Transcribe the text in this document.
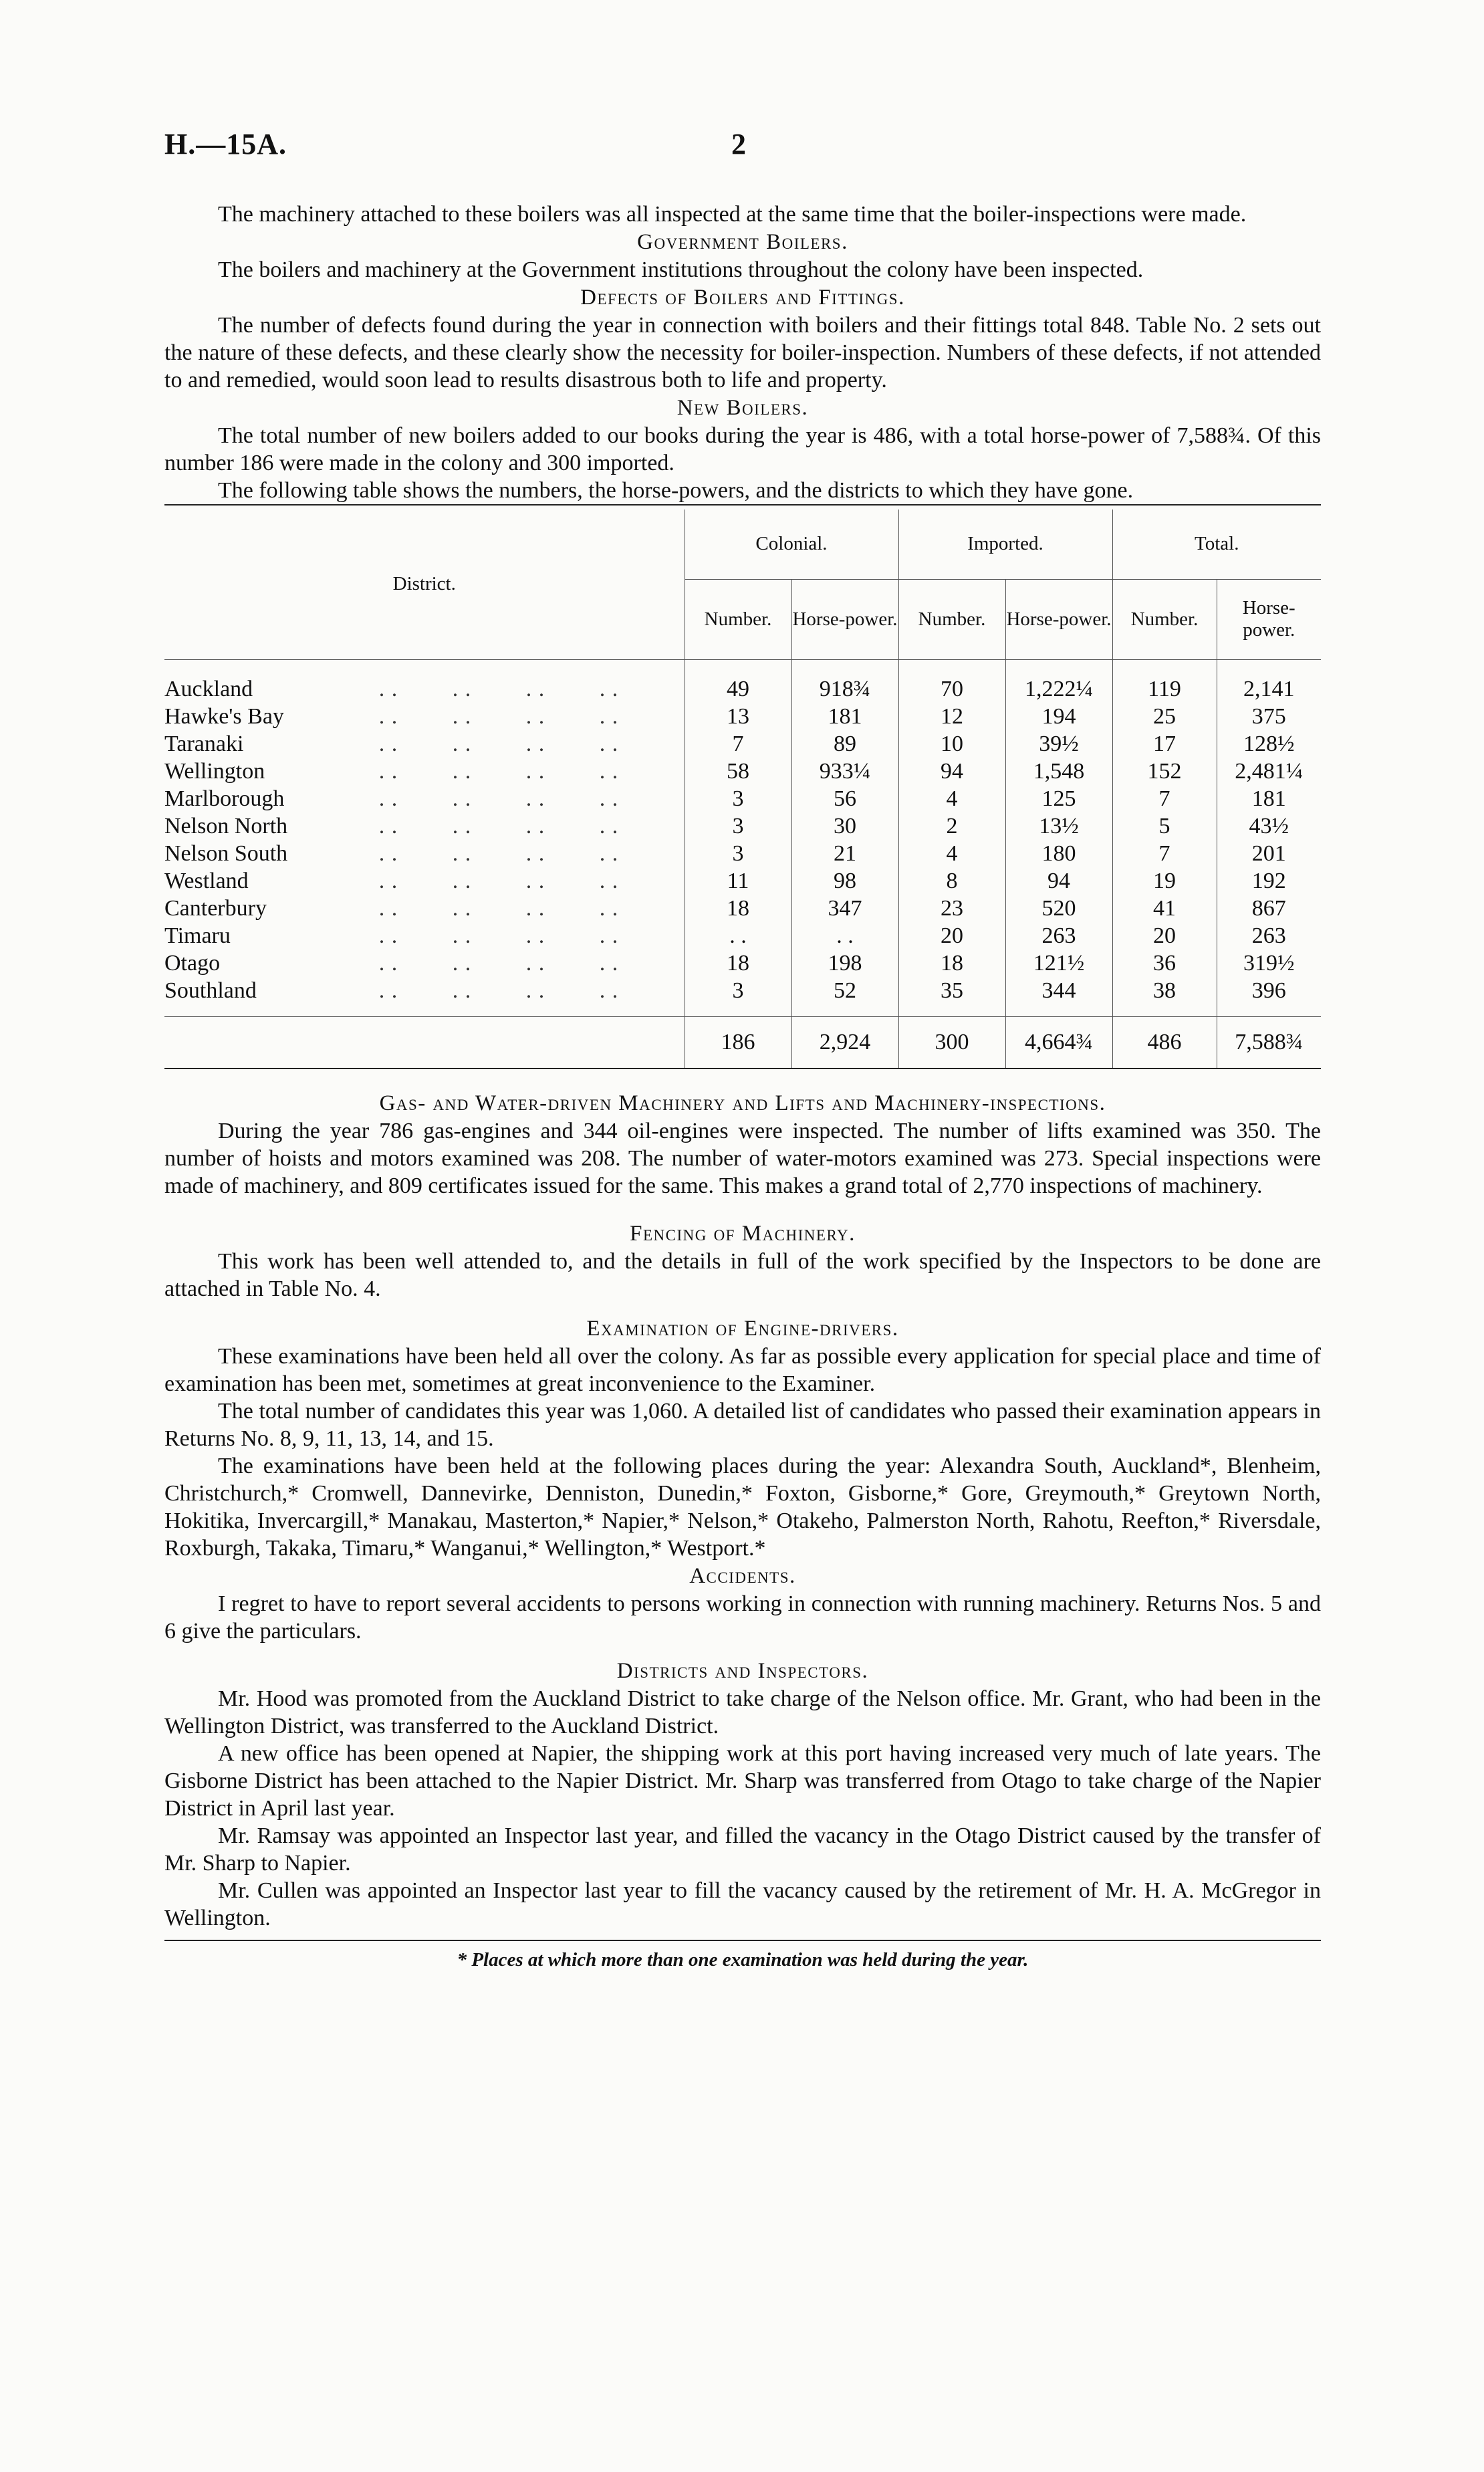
H.—15A.	2

The machinery attached to these boilers was all inspected at the same time that the boiler-inspections were made.

Government Boilers.

The boilers and machinery at the Government institutions throughout the colony have been inspected.

Defects of Boilers and Fittings.

The number of defects found during the year in connection with boilers and their fittings total 848. Table No. 2 sets out the nature of these defects, and these clearly show the necessity for boiler-inspection. Numbers of these defects, if not attended to and remedied, would soon lead to results disastrous both to life and property.

New Boilers.

The total number of new boilers added to our books during the year is 486, with a total horse-power of 7,588¾. Of this number 186 were made in the colony and 300 imported.

The following table shows the numbers, the horse-powers, and the districts to which they have gone.

District.	Colonial.		Imported.		Total.	
	Number.	Horse-power.	Number.	Horse-power.	Number.	Horse-power.

Auckland . . . . . . . .	49	918¾	70	1,222¼	119	2,141
Hawke's Bay . . . . . . . .	13	181	12	194	25	375
Taranaki . . . . . . . .	7	89	10	39½	17	128½
Wellington . . . . . . . .	58	933¼	94	1,548	152	2,481¼
Marlborough . . . . . . . .	3	56	4	125	7	181
Nelson North . . . . . . . .	3	30	2	13½	5	43½
Nelson South . . . . . . . .	3	21	4	180	7	201
Westland . . . . . . . .	11	98	8	94	19	192
Canterbury . . . . . . . .	18	347	23	520	41	867
Timaru . . . . . . . .	. .	. .	20	263	20	263
Otago . . . . . . . .	18	198	18	121½	36	319½
Southland . . . . . . . .	3	52	35	344	38	396

	186	2,924	300	4,664¾	486	7,588¾
Gas- and Water-driven Machinery and Lifts and Machinery-inspections.

During the year 786 gas-engines and 344 oil-engines were inspected. The number of lifts examined was 350. The number of hoists and motors examined was 208. The number of water-motors examined was 273. Special inspections were made of machinery, and 809 certificates issued for the same. This makes a grand total of 2,770 inspections of machinery.

Fencing of Machinery.

This work has been well attended to, and the details in full of the work specified by the Inspectors to be done are attached in Table No. 4.

Examination of Engine-drivers.

These examinations have been held all over the colony. As far as possible every application for special place and time of examination has been met, sometimes at great inconvenience to the Examiner.

The total number of candidates this year was 1,060. A detailed list of candidates who passed their examination appears in Returns No. 8, 9, 11, 13, 14, and 15.

The examinations have been held at the following places during the year: Alexandra South, Auckland*, Blenheim, Christchurch,* Cromwell, Dannevirke, Denniston, Dunedin,* Foxton, Gisborne,* Gore, Greymouth,* Greytown North, Hokitika, Invercargill,* Manakau, Masterton,* Napier,* Nelson,* Otakeho, Palmerston North, Rahotu, Reefton,* Riversdale, Roxburgh, Takaka, Timaru,* Wanganui,* Wellington,* Westport.*

Accidents.

I regret to have to report several accidents to persons working in connection with running machinery. Returns Nos. 5 and 6 give the particulars.

Districts and Inspectors.

Mr. Hood was promoted from the Auckland District to take charge of the Nelson office. Mr. Grant, who had been in the Wellington District, was transferred to the Auckland District.

A new office has been opened at Napier, the shipping work at this port having increased very much of late years. The Gisborne District has been attached to the Napier District. Mr. Sharp was transferred from Otago to take charge of the Napier District in April last year.

Mr. Ramsay was appointed an Inspector last year, and filled the vacancy in the Otago District caused by the transfer of Mr. Sharp to Napier.

Mr. Cullen was appointed an Inspector last year to fill the vacancy caused by the retirement of Mr. H. A. McGregor in Wellington.

* Places at which more than one examination was held during the year.
